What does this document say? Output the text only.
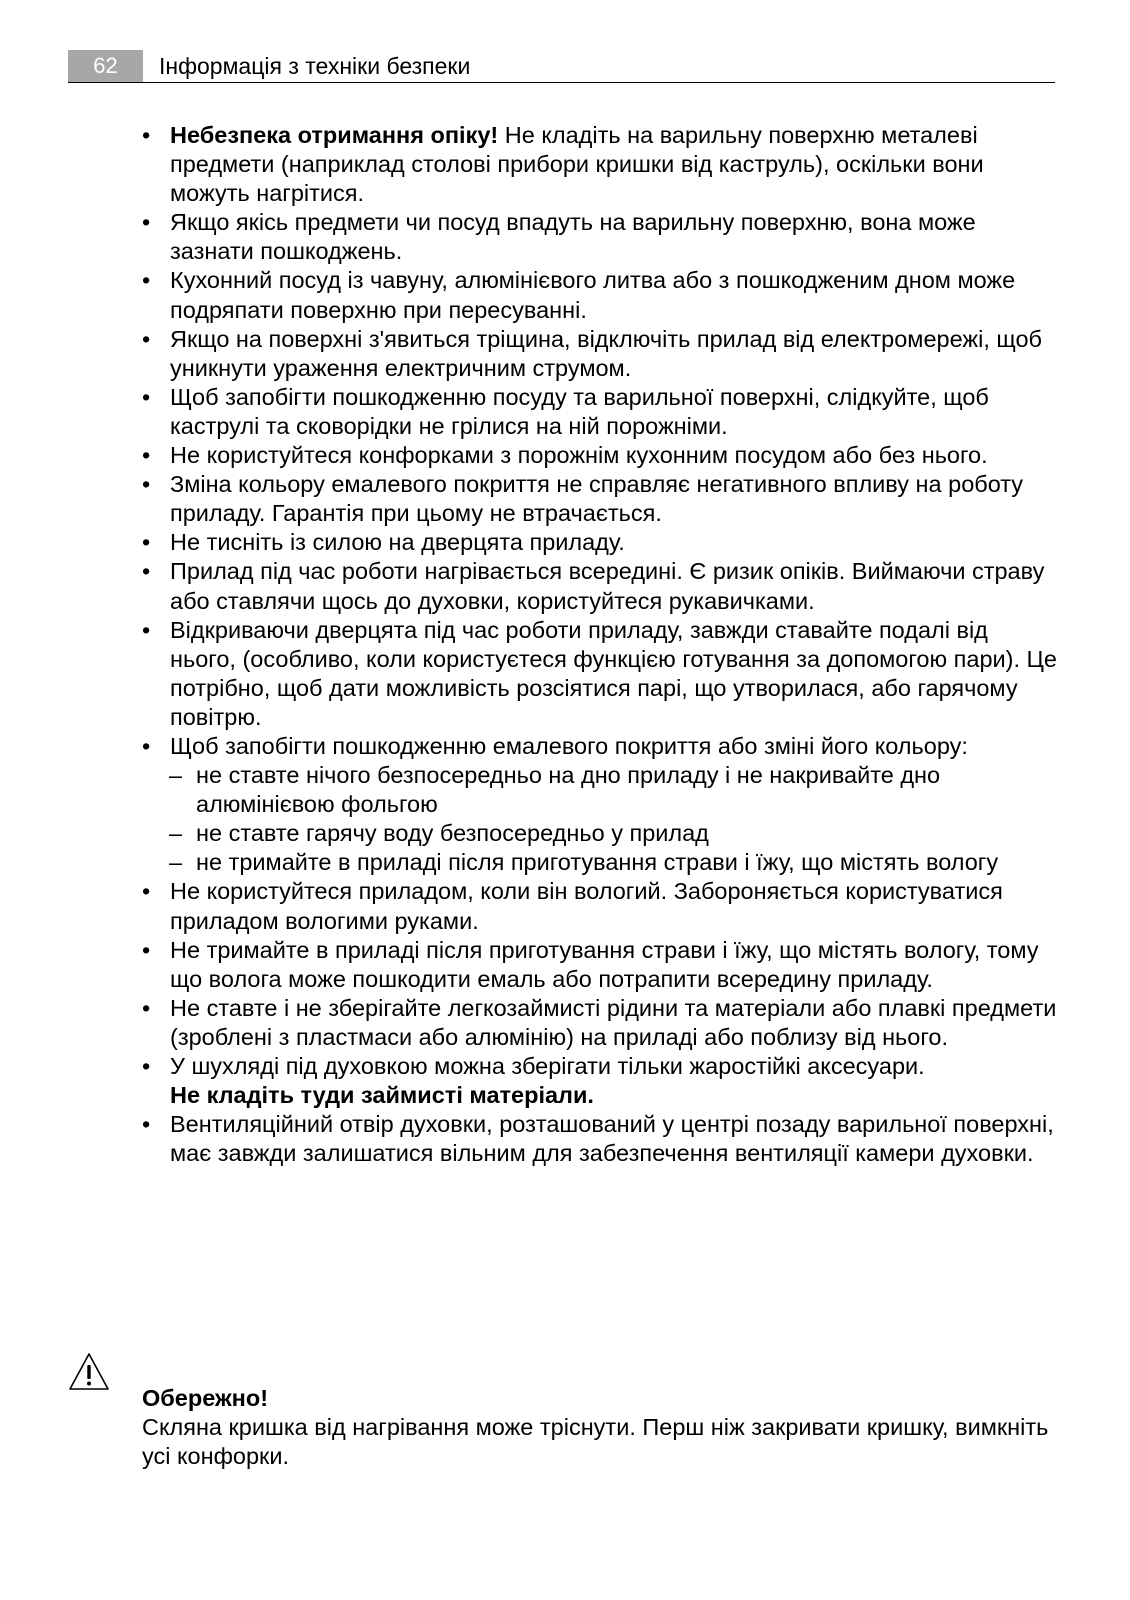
62	Інформація з техніки безпеки
• Небезпека отримання опіку! Не кладіть на варильну поверхню металеві предмети (наприклад столові прибори кришки від каструль), оскільки вони можуть нагрітися.
• Якщо якісь предмети чи посуд впадуть на варильну поверхню, вона може зазнати пошкоджень.
• Кухонний посуд із чавуну, алюмінієвого литва або з пошкодженим дном може подряпати поверхню при пересуванні.
• Якщо на поверхні з'явиться тріщина, відключіть прилад від електромережі, щоб уникнути ураження електричним струмом.
• Щоб запобігти пошкодженню посуду та варильної поверхні, слідкуйте, щоб каструлі та сковорідки не грілися на ній порожніми.
• Не користуйтеся конфорками з порожнім кухонним посудом або без нього.
• Зміна кольору емалевого покриття не справляє негативного впливу на роботу приладу. Гарантія при цьому не втрачається.
• Не тисніть із силою на дверцята приладу.
• Прилад під час роботи нагрівається всередині. Є ризик опіків. Виймаючи страву або ставлячи щось до духовки, користуйтеся рукавичками.
• Відкриваючи дверцята під час роботи приладу, завжди ставайте подалі від нього, (особливо, коли користуєтеся функцією готування за допомогою пари). Це потрібно, щоб дати можливість розсіятися парі, що утворилася, або гарячому повітрю.
• Щоб запобігти пошкодженню емалевого покриття або зміні його кольору:
– не ставте нічого безпосередньо на дно приладу і не накривайте дно алюмінієвою фольгою
– не ставте гарячу воду безпосередньо у прилад
– не тримайте в приладі після приготування страви і їжу, що містять вологу
• Не користуйтеся приладом, коли він вологий. Забороняється користуватися приладом вологими руками.
• Не тримайте в приладі після приготування страви і їжу, що містять вологу, тому що волога може пошкодити емаль або потрапити всередину приладу.
• Не ставте і не зберігайте легкозаймисті рідини та матеріали або плавкі предмети (зроблені з пластмаси або алюмінію) на приладі або поблизу від нього.
• У шухляді під духовкою можна зберігати тільки жаростійкі аксесуари.
Не кладіть туди займисті матеріали.
• Вентиляційний отвір духовки, розташований у центрі позаду варильної поверхні, має завжди залишатися вільним для забезпечення вентиляції камери духовки.
Обережно!
Скляна кришка від нагрівання може тріснути. Перш ніж закривати кришку, вимкніть усі конфорки.
